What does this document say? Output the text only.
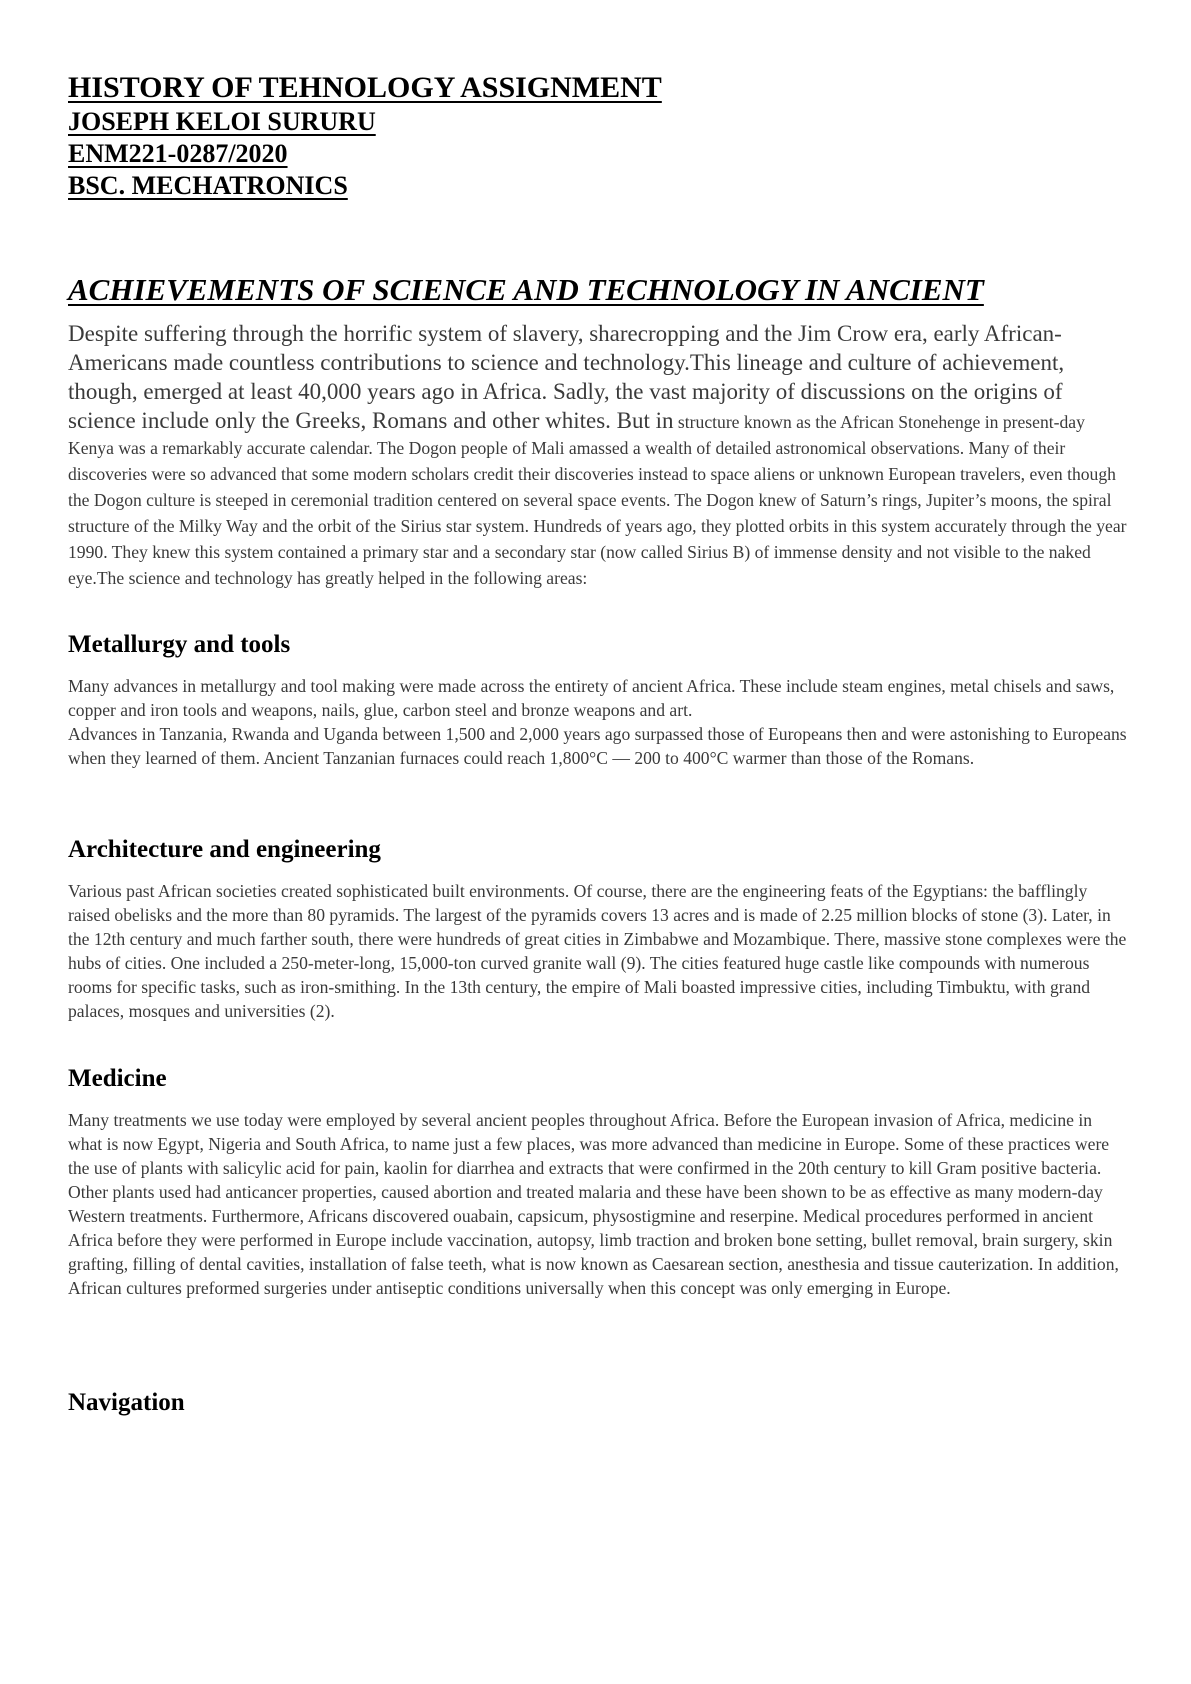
HISTORY OF TEHNOLOGY ASSIGNMENT

JOSEPH KELOI SURURU

ENM221-0287/2020

BSC. MECHATRONICS

ACHIEVEMENTS OF SCIENCE AND TECHNOLOGY IN ANCIENT

Despite suffering through the horrific system of slavery, sharecropping and the Jim Crow era, early African-Americans made countless contributions to science and technology.This lineage and culture of achievement, though, emerged at least 40,000 years ago in Africa. Sadly, the vast majority of discussions on the origins of science include only the Greeks, Romans and other whites. But in structure known as the African Stonehenge in present-day Kenya was a remarkably accurate calendar. The Dogon people of Mali amassed a wealth of detailed astronomical observations. Many of their discoveries were so advanced that some modern scholars credit their discoveries instead to space aliens or unknown European travelers, even though the Dogon culture is steeped in ceremonial tradition centered on several space events. The Dogon knew of Saturn’s rings, Jupiter’s moons, the spiral structure of the Milky Way and the orbit of the Sirius star system. Hundreds of years ago, they plotted orbits in this system accurately through the year 1990. They knew this system contained a primary star and a secondary star (now called Sirius B) of immense density and not visible to the naked eye.The science and technology has greatly helped in the following areas:

Metallurgy and tools

Many advances in metallurgy and tool making were made across the entirety of ancient Africa. These include steam engines, metal chisels and saws, copper and iron tools and weapons, nails, glue, carbon steel and bronze weapons and art.

Advances in Tanzania, Rwanda and Uganda between 1,500 and 2,000 years ago surpassed those of Europeans then and were astonishing to Europeans when they learned of them. Ancient Tanzanian furnaces could reach 1,800°C — 200 to 400°C warmer than those of the Romans.

Architecture and engineering

Various past African societies created sophisticated built environments. Of course, there are the engineering feats of the Egyptians: the bafflingly raised obelisks and the more than 80 pyramids. The largest of the pyramids covers 13 acres and is made of 2.25 million blocks of stone (3). Later, in the 12th century and much farther south, there were hundreds of great cities in Zimbabwe and Mozambique. There, massive stone complexes were the hubs of cities. One included a 250-meter-long, 15,000-ton curved granite wall (9). The cities featured huge castle like compounds with numerous rooms for specific tasks, such as iron-smithing. In the 13th century, the empire of Mali boasted impressive cities, including Timbuktu, with grand palaces, mosques and universities (2).

Medicine

Many treatments we use today were employed by several ancient peoples throughout Africa. Before the European invasion of Africa, medicine in what is now Egypt, Nigeria and South Africa, to name just a few places, was more advanced than medicine in Europe. Some of these practices were the use of plants with salicylic acid for pain, kaolin for diarrhea and extracts that were confirmed in the 20th century to kill Gram positive bacteria. Other plants used had anticancer properties, caused abortion and treated malaria and these have been shown to be as effective as many modern-day Western treatments. Furthermore, Africans discovered ouabain, capsicum, physostigmine and reserpine. Medical procedures performed in ancient Africa before they were performed in Europe include vaccination, autopsy, limb traction and broken bone setting, bullet removal, brain surgery, skin grafting, filling of dental cavities, installation of false teeth, what is now known as Caesarean section, anesthesia and tissue cauterization. In addition, African cultures preformed surgeries under antiseptic conditions universally when this concept was only emerging in Europe.

Navigation
